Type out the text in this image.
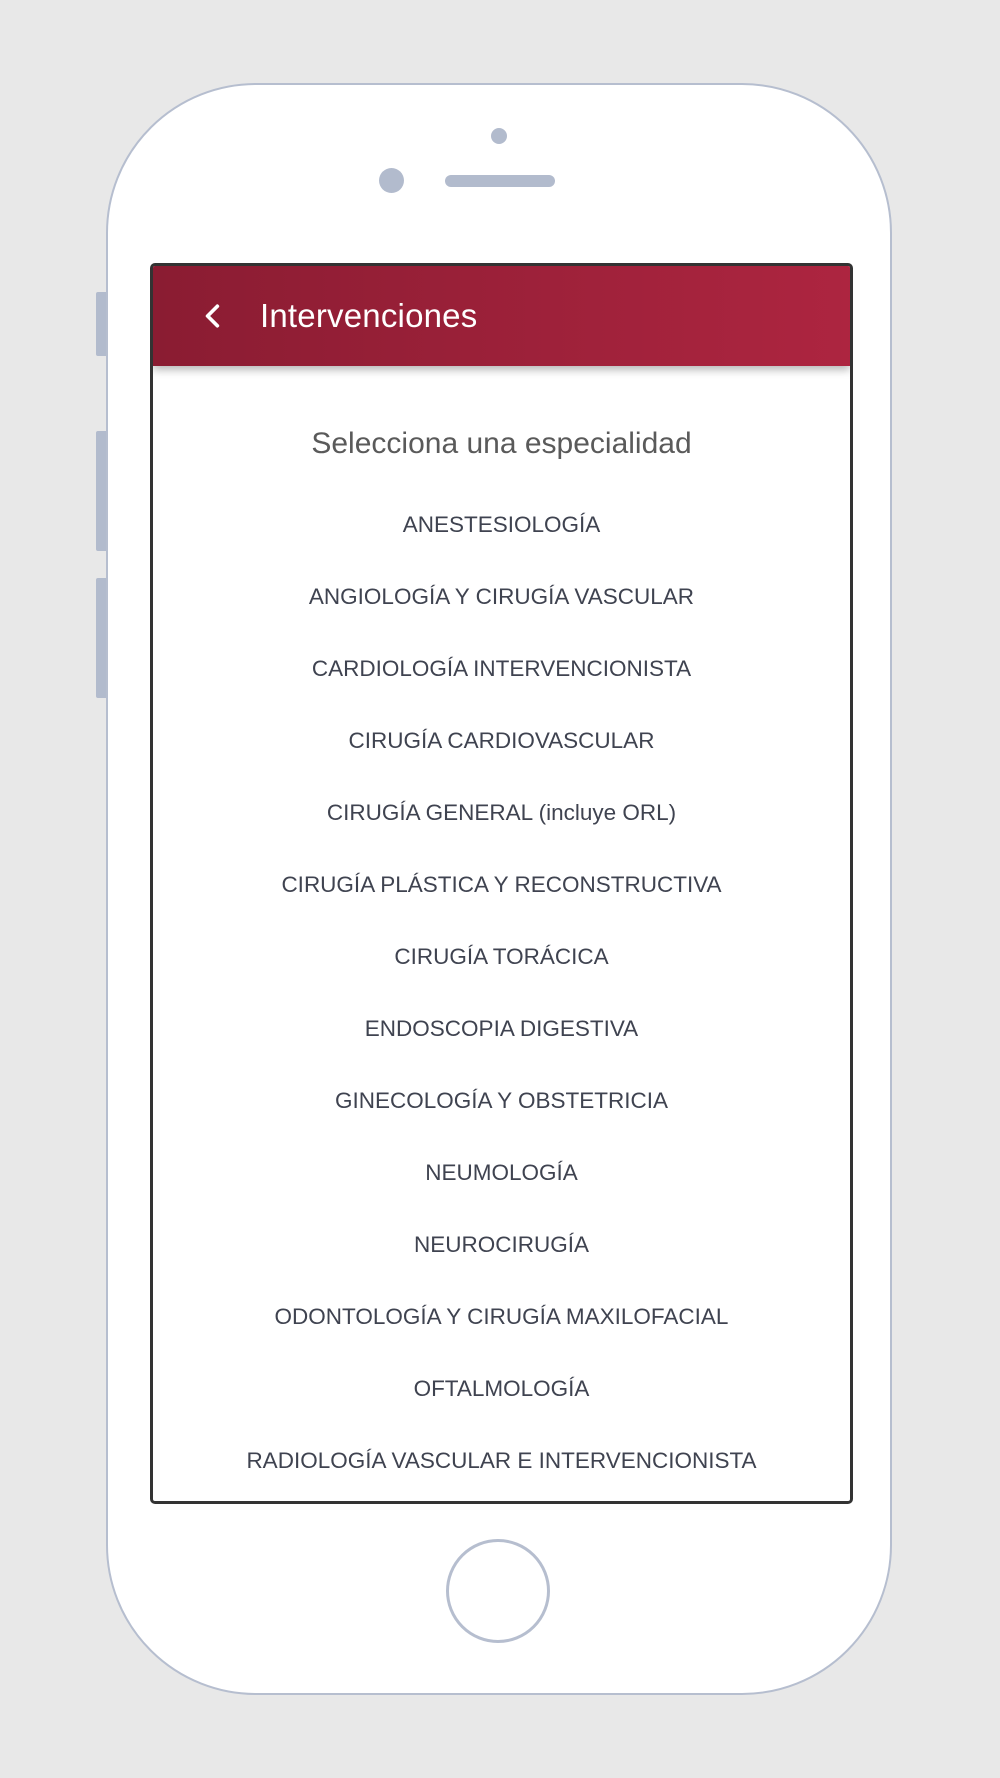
Intervenciones
Selecciona una especialidad
ANESTESIOLOGÍA
ANGIOLOGÍA Y CIRUGÍA VASCULAR
CARDIOLOGÍA INTERVENCIONISTA
CIRUGÍA CARDIOVASCULAR
CIRUGÍA GENERAL (incluye ORL)
CIRUGÍA PLÁSTICA Y RECONSTRUCTIVA
CIRUGÍA TORÁCICA
ENDOSCOPIA DIGESTIVA
GINECOLOGÍA Y OBSTETRICIA
NEUMOLOGÍA
NEUROCIRUGÍA
ODONTOLOGÍA Y CIRUGÍA MAXILOFACIAL
OFTALMOLOGÍA
RADIOLOGÍA VASCULAR E INTERVENCIONISTA
